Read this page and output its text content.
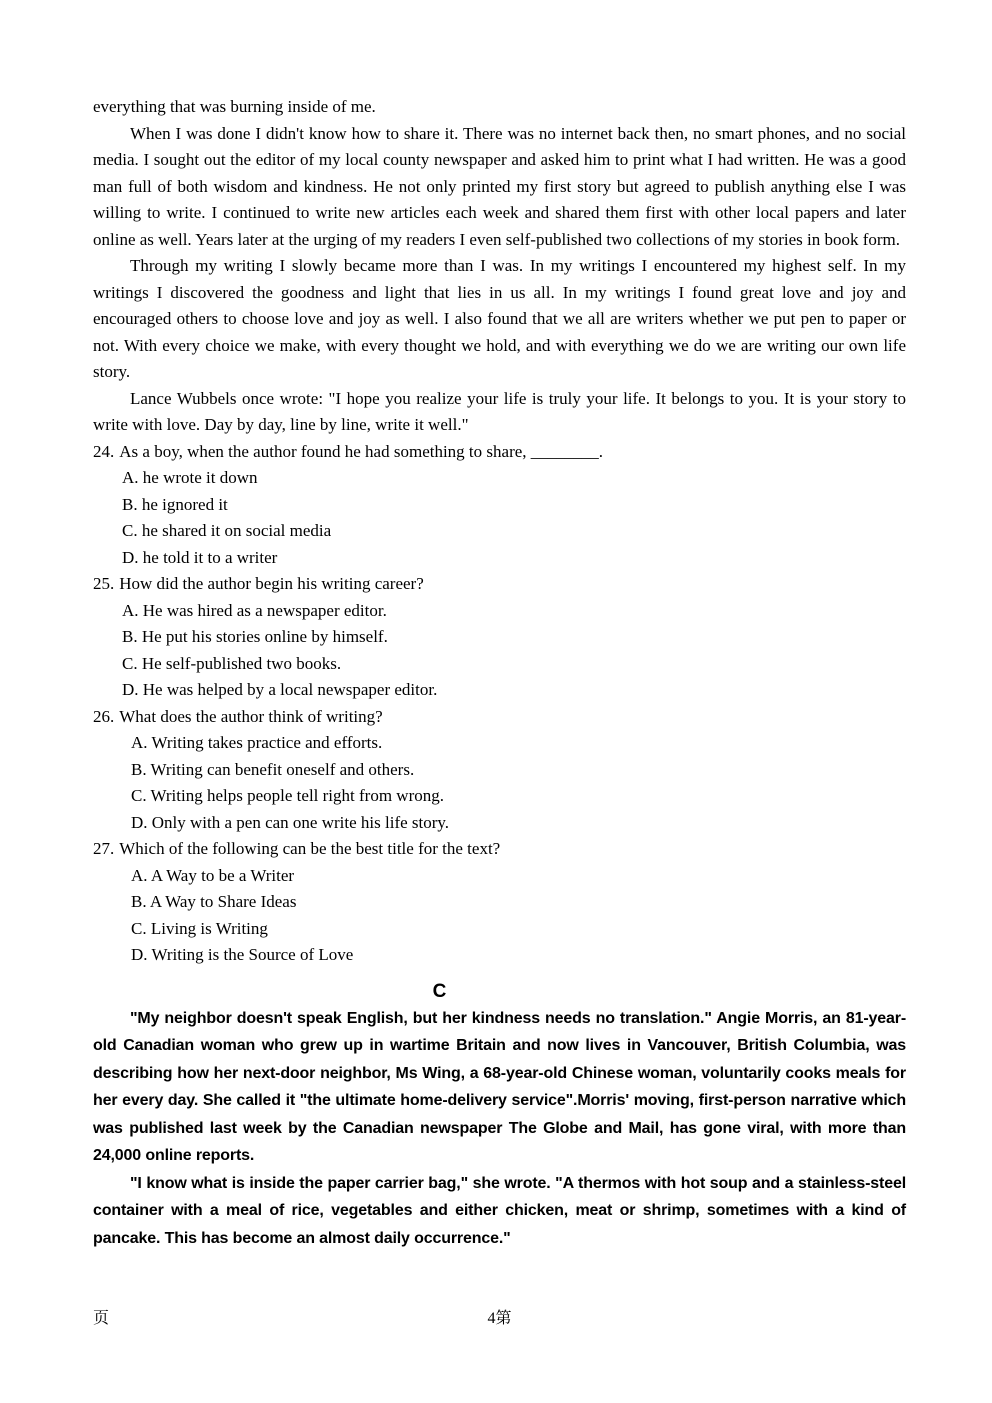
everything that was burning inside of me.

When I was done I didn't know how to share it. There was no internet back then, no smart phones, and no social media. I sought out the editor of my local county newspaper and asked him to print what I had written. He was a good man full of both wisdom and kindness. He not only printed my first story but agreed to publish anything else I was willing to write. I continued to write new articles each week and shared them first with other local papers and later online as well. Years later at the urging of my readers I even self-published two collections of my stories in book form.

Through my writing I slowly became more than I was. In my writings I encountered my highest self. In my writings I discovered the goodness and light that lies in us all. In my writings I found great love and joy and encouraged others to choose love and joy as well. I also found that we all are writers whether we put pen to paper or not. With every choice we make, with every thought we hold, and with everything we do we are writing our own life story.

Lance Wubbels once wrote: "I hope you realize your life is truly your life. It belongs to you. It is your story to write with love. Day by day, line by line, write it well."

24. As a boy, when the author found he had something to share, ________.
A. he wrote it down
B. he ignored it
C. he shared it on social media
D. he told it to a writer
25. How did the author begin his writing career?
A. He was hired as a newspaper editor.
B. He put his stories online by himself.
C. He self-published two books.
D. He was helped by a local newspaper editor.
26. What does the author think of writing?
A. Writing takes practice and efforts.
B. Writing can benefit oneself and others.
C. Writing helps people tell right from wrong.
D. Only with a pen can one write his life story.
27. Which of the following can be the best title for the text?
A. A Way to be a Writer
B. A Way to Share Ideas
C. Living is Writing
D. Writing is the Source of Love
C

"My neighbor doesn't speak English, but her kindness needs no translation." Angie Morris, an 81-year-old Canadian woman who grew up in wartime Britain and now lives in Vancouver, British Columbia, was describing how her next-door neighbor, Ms Wing, a 68-year-old Chinese woman, voluntarily cooks meals for her every day. She called it "the ultimate home-delivery service".Morris' moving, first-person narrative which was published last week by the Canadian newspaper The Globe and Mail, has gone viral, with more than 24,000 online reports.

"I know what is inside the paper carrier bag," she wrote. "A thermos with hot soup and a stainless-steel container with a meal of rice, vegetables and either chicken, meat or shrimp, sometimes with a kind of pancake. This has become an almost daily occurrence."

页	4第
